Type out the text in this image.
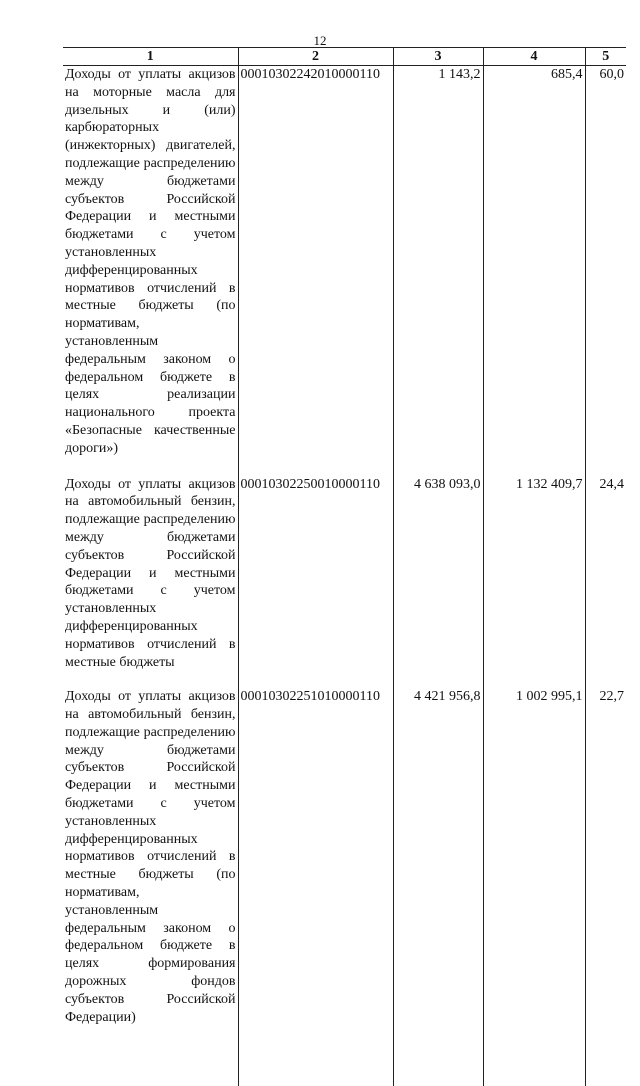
12
1	2	3	4	5
Доходы от уплаты акцизов на моторные масла для дизельных и (или) карбюраторных (инжекторных) двигателей, подлежащие распределению между бюджетами субъектов Российской Федерации и местными бюджетами с учетом установленных дифференцированных нормативов отчислений в местные бюджеты (по нормативам, установленным федеральным законом о федеральном бюджете в целях реализации национального проекта «Безопасные качественные дороги»)	00010302242010000110	1 143,2	685,4	60,0
Доходы от уплаты акцизов на автомобильный бензин, подлежащие распределению между бюджетами субъектов Российской Федерации и местными бюджетами с учетом установленных дифференцированных нормативов отчислений в местные бюджеты	00010302250010000110	4 638 093,0	1 132 409,7	24,4
Доходы от уплаты акцизов на автомобильный бензин, подлежащие распределению между бюджетами субъектов Российской Федерации и местными бюджетами с учетом установленных дифференцированных нормативов отчислений в местные бюджеты (по нормативам, установленным федеральным законом о федеральном бюджете в целях формирования дорожных фондов субъектов Российской Федерации)	00010302251010000110	4 421 956,8	1 002 995,1	22,7
